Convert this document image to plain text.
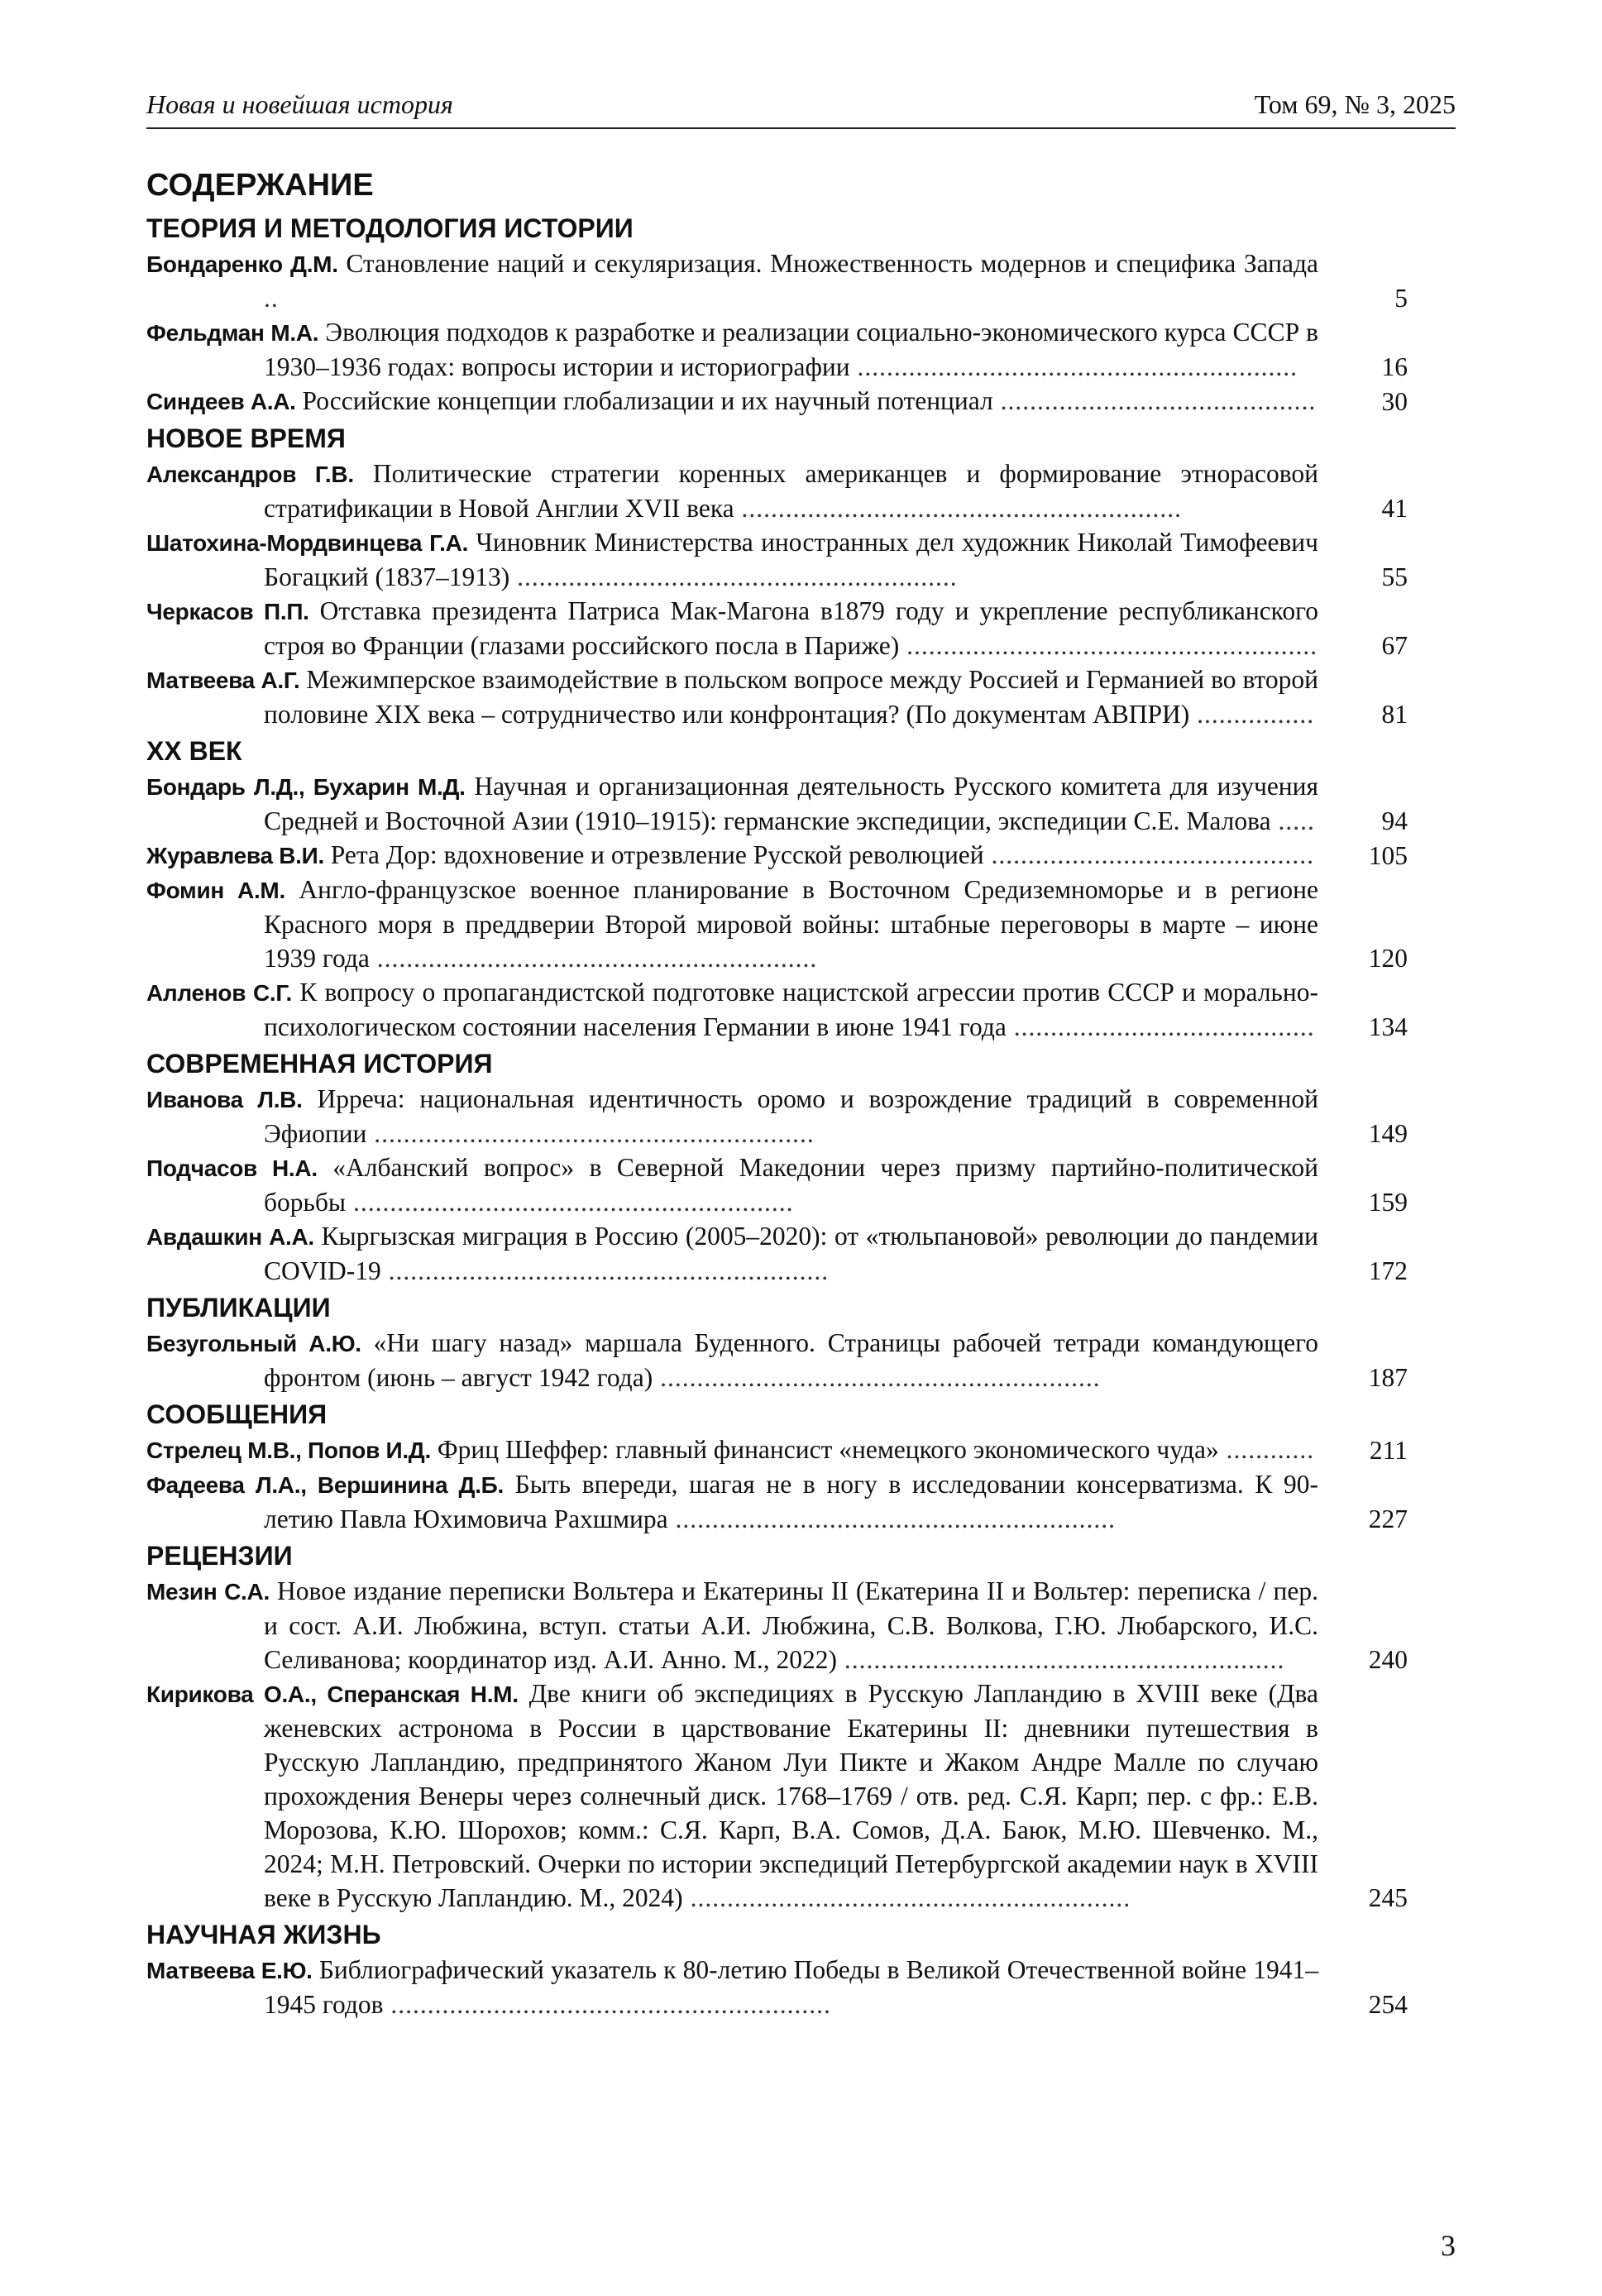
Новая и новейшая история	Том 69, № 3, 2025
СОДЕРЖАНИЕ
ТЕОРИЯ И МЕТОДОЛОГИЯ ИСТОРИИ
Бондаренко Д.М. Становление наций и секуляризация. Множественность модернов и специфика Запада ..	5
Фельдман М.А. Эволюция подходов к разработке и реализации социально-экономического курса СССР в 1930–1936 годах: вопросы истории и историографии ............................................................	16
Синдеев А.А. Российские концепции глобализации и их научный потенциал ...........................................	30
НОВОЕ ВРЕМЯ
Александров Г.В. Политические стратегии коренных американцев и формирование этнорасовой стратификации в Новой Англии XVII века ............................................................	41
Шатохина-Мордвинцева Г.А. Чиновник Министерства иностранных дел художник Николай Тимофеевич Богацкий (1837–1913) ............................................................	55
Черкасов П.П. Отставка президента Патриса Мак-Магона в1879 году и укрепление республиканского строя во Франции (глазами российского посла в Париже) ........................................................	67
Матвеева А.Г. Межимперское взаимодействие в польском вопросе между Россией и Германией во второй половине XIX века – сотрудничество или конфронтация? (По документам АВПРИ) ................	81
XX ВЕК
Бондарь Л.Д., Бухарин М.Д. Научная и организационная деятельность Русского комитета для изучения Средней и Восточной Азии (1910–1915): германские экспедиции, экспедиции С.Е. Малова .....	94
Журавлева В.И. Рета Дор: вдохновение и отрезвление Русской революцией ............................................	105
Фомин А.М. Англо-французское военное планирование в Восточном Средиземноморье и в регионе Красного моря в преддверии Второй мировой войны: штабные переговоры в марте – июне 1939 года ............................................................	120
Алленов С.Г. К вопросу о пропагандистской подготовке нацистской агрессии против СССР и морально-психологическом состоянии населения Германии в июне 1941 года .........................................	134
СОВРЕМЕННАЯ ИСТОРИЯ
Иванова Л.В. Ирреча: национальная идентичность оромо и возрождение традиций в современной Эфиопии ............................................................	149
Подчасов Н.А. «Албанский вопрос» в Северной Македонии через призму партийно-политической борьбы ............................................................	159
Авдашкин А.А. Кыргызская миграция в Россию (2005–2020): от «тюльпановой» революции до пандемии COVID-19 ............................................................	172
ПУБЛИКАЦИИ
Безугольный А.Ю. «Ни шагу назад» маршала Буденного. Страницы рабочей тетради командующего фронтом (июнь – август 1942 года) ............................................................	187
СООБЩЕНИЯ
Стрелец М.В., Попов И.Д. Фриц Шеффер: главный финансист «немецкого экономического чуда» ............	211
Фадеева Л.А., Вершинина Д.Б. Быть впереди, шагая не в ногу в исследовании консерватизма. К 90-летию Павла Юхимовича Рахшмира ............................................................	227
РЕЦЕНЗИИ
Мезин С.А. Новое издание переписки Вольтера и Екатерины II (Екатерина II и Вольтер: переписка / пер. и сост. А.И. Любжина, вступ. статьи А.И. Любжина, С.В. Волкова, Г.Ю. Любарского, И.С. Селиванова; координатор изд. А.И. Анно. М., 2022) ............................................................	240
Кирикова О.А., Сперанская Н.М. Две книги об экспедициях в Русскую Лапландию в XVIII веке (Два женевских астронома в России в царствование Екатерины II: дневники путешествия в Русскую Лапландию, предпринятого Жаном Луи Пикте и Жаком Андре Малле по случаю прохождения Венеры через солнечный диск. 1768–1769 / отв. ред. С.Я. Карп; пер. с фр.: Е.В. Морозова, К.Ю. Шорохов; комм.: С.Я. Карп, В.А. Сомов, Д.А. Баюк, М.Ю. Шевченко. М., 2024; М.Н. Петровский. Очерки по истории экспедиций Петербургской академии наук в XVIII веке в Русскую Лапландию. М., 2024) ............................................................	245
НАУЧНАЯ ЖИЗНЬ
Матвеева Е.Ю. Библиографический указатель к 80-летию Победы в Великой Отечественной войне 1941–1945 годов ............................................................	254
3
